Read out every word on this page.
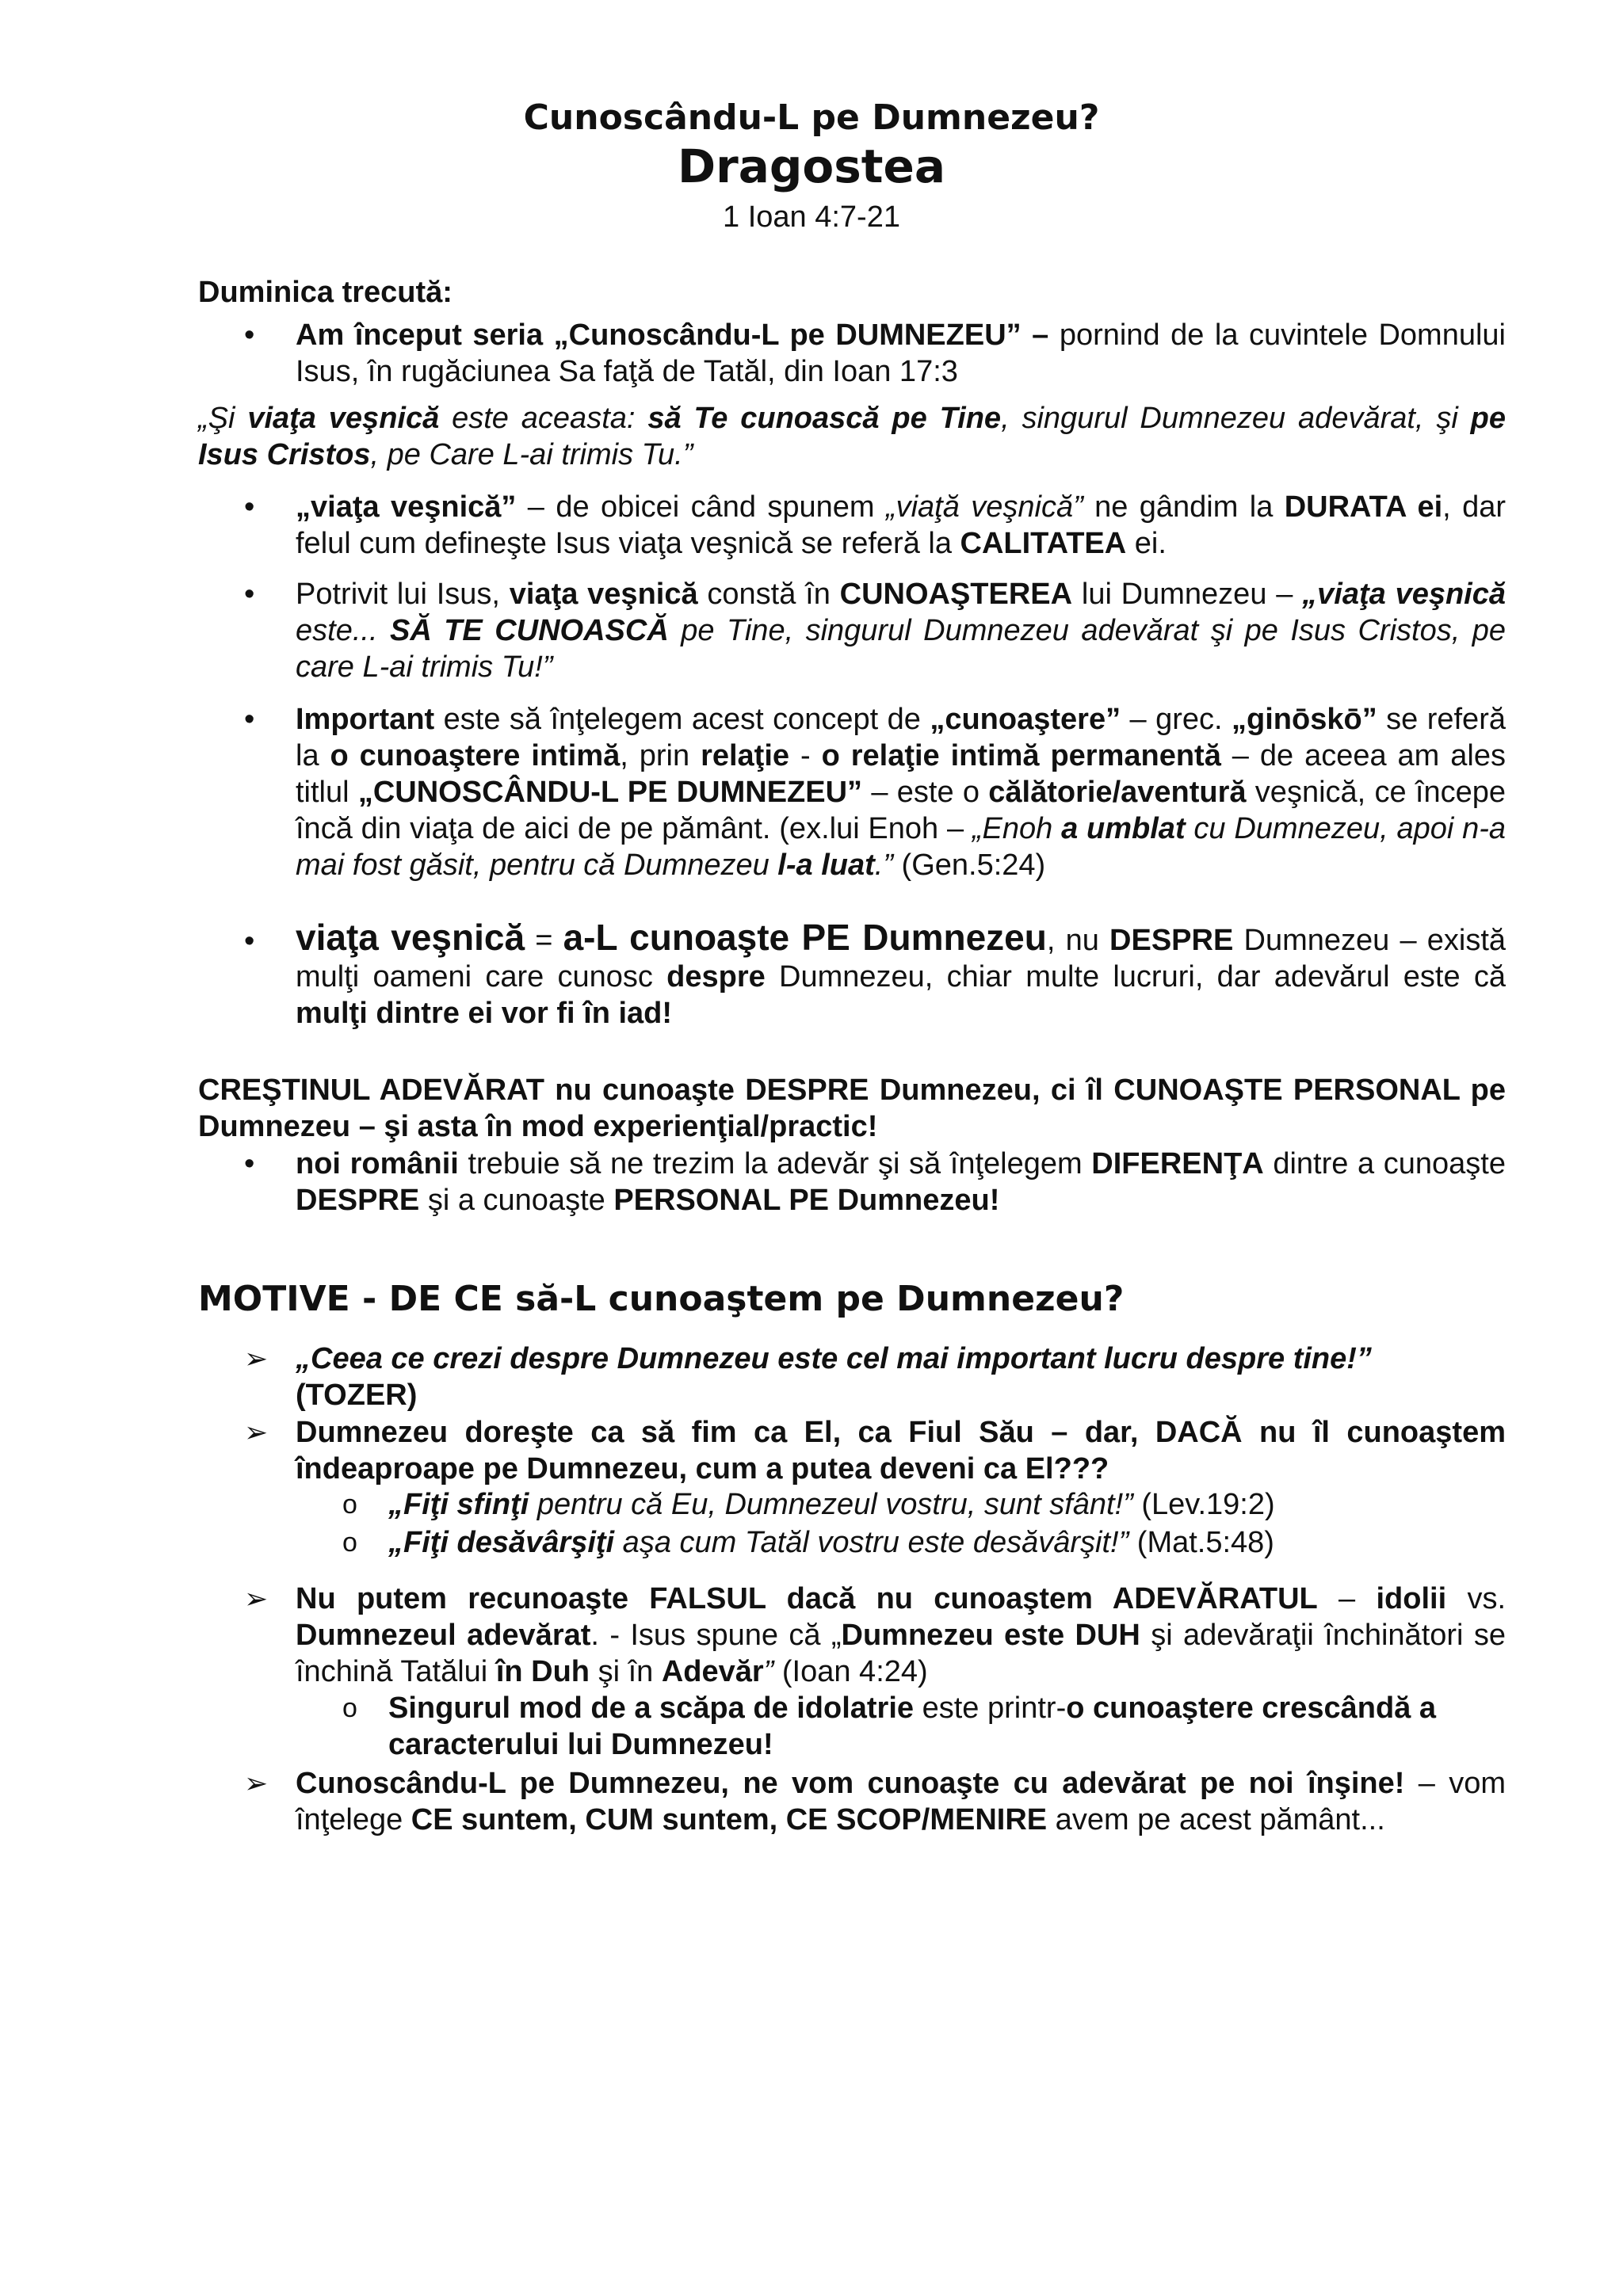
Cunoscându-L pe Dumnezeu?
Dragostea
1 Ioan 4:7-21
Duminica trecută:
• Am început seria „Cunoscându-L pe DUMNEZEU” – pornind de la cuvintele Domnului Isus, în rugăciunea Sa faţă de Tatăl, din Ioan 17:3
„Şi viaţa veşnică este aceasta: să Te cunoască pe Tine, singurul Dumnezeu adevărat, şi pe Isus Cristos, pe Care L-ai trimis Tu.”
• „viaţa veşnică” – de obicei când spunem „viaţă veşnică” ne gândim la DURATA ei, dar felul cum defineşte Isus viaţa veşnică se referă la CALITATEA ei.
• Potrivit lui Isus, viaţa veşnică constă în CUNOAŞTEREA lui Dumnezeu – „viaţa veşnică este... SĂ TE CUNOASCĂ pe Tine, singurul Dumnezeu adevărat şi pe Isus Cristos, pe care L-ai trimis Tu!”
• Important este să înţelegem acest concept de „cunoaştere” – grec. „ginōskō” se referă la o cunoaştere intimă, prin relaţie - o relaţie intimă permanentă – de aceea am ales titlul „CUNOSCÂNDU-L PE DUMNEZEU” – este o călătorie/aventură veşnică, ce începe încă din viaţa de aici de pe pământ. (ex.lui Enoh – „Enoh a umblat cu Dumnezeu, apoi n-a mai fost găsit, pentru că Dumnezeu l-a luat.” (Gen.5:24)
• viaţa veşnică = a-L cunoaşte PE Dumnezeu, nu DESPRE Dumnezeu – există mulţi oameni care cunosc despre Dumnezeu, chiar multe lucruri, dar adevărul este că mulţi dintre ei vor fi în iad!
CREŞTINUL ADEVĂRAT nu cunoaşte DESPRE Dumnezeu, ci îl CUNOAŞTE PERSONAL pe Dumnezeu – şi asta în mod experienţial/practic!
• noi românii trebuie să ne trezim la adevăr şi să înţelegem DIFERENŢA dintre a cunoaşte DESPRE şi a cunoaşte PERSONAL PE Dumnezeu!
MOTIVE - DE CE să-L cunoaştem pe Dumnezeu?
➢ „Ceea ce crezi despre Dumnezeu este cel mai important lucru despre tine!”
(TOZER)
➢ Dumnezeu doreşte ca să fim ca El, ca Fiul Său – dar, DACĂ nu îl cunoaştem îndeaproape pe Dumnezeu, cum a putea deveni ca El???
o „Fiţi sfinţi pentru că Eu, Dumnezeul vostru, sunt sfânt!” (Lev.19:2)
o „Fiţi desăvârşiţi aşa cum Tatăl vostru este desăvârşit!” (Mat.5:48)
➢ Nu putem recunoaşte FALSUL dacă nu cunoaştem ADEVĂRATUL – idolii vs. Dumnezeul adevărat. - Isus spune că „Dumnezeu este DUH şi adevăraţii închinători se închină Tatălui în Duh şi în Adevăr” (Ioan 4:24)
o Singurul mod de a scăpa de idolatrie este printr-o cunoaştere crescândă a caracterului lui Dumnezeu!
➢ Cunoscându-L pe Dumnezeu, ne vom cunoaşte cu adevărat pe noi înşine! – vom înţelege CE suntem, CUM suntem, CE SCOP/MENIRE avem pe acest pământ...
